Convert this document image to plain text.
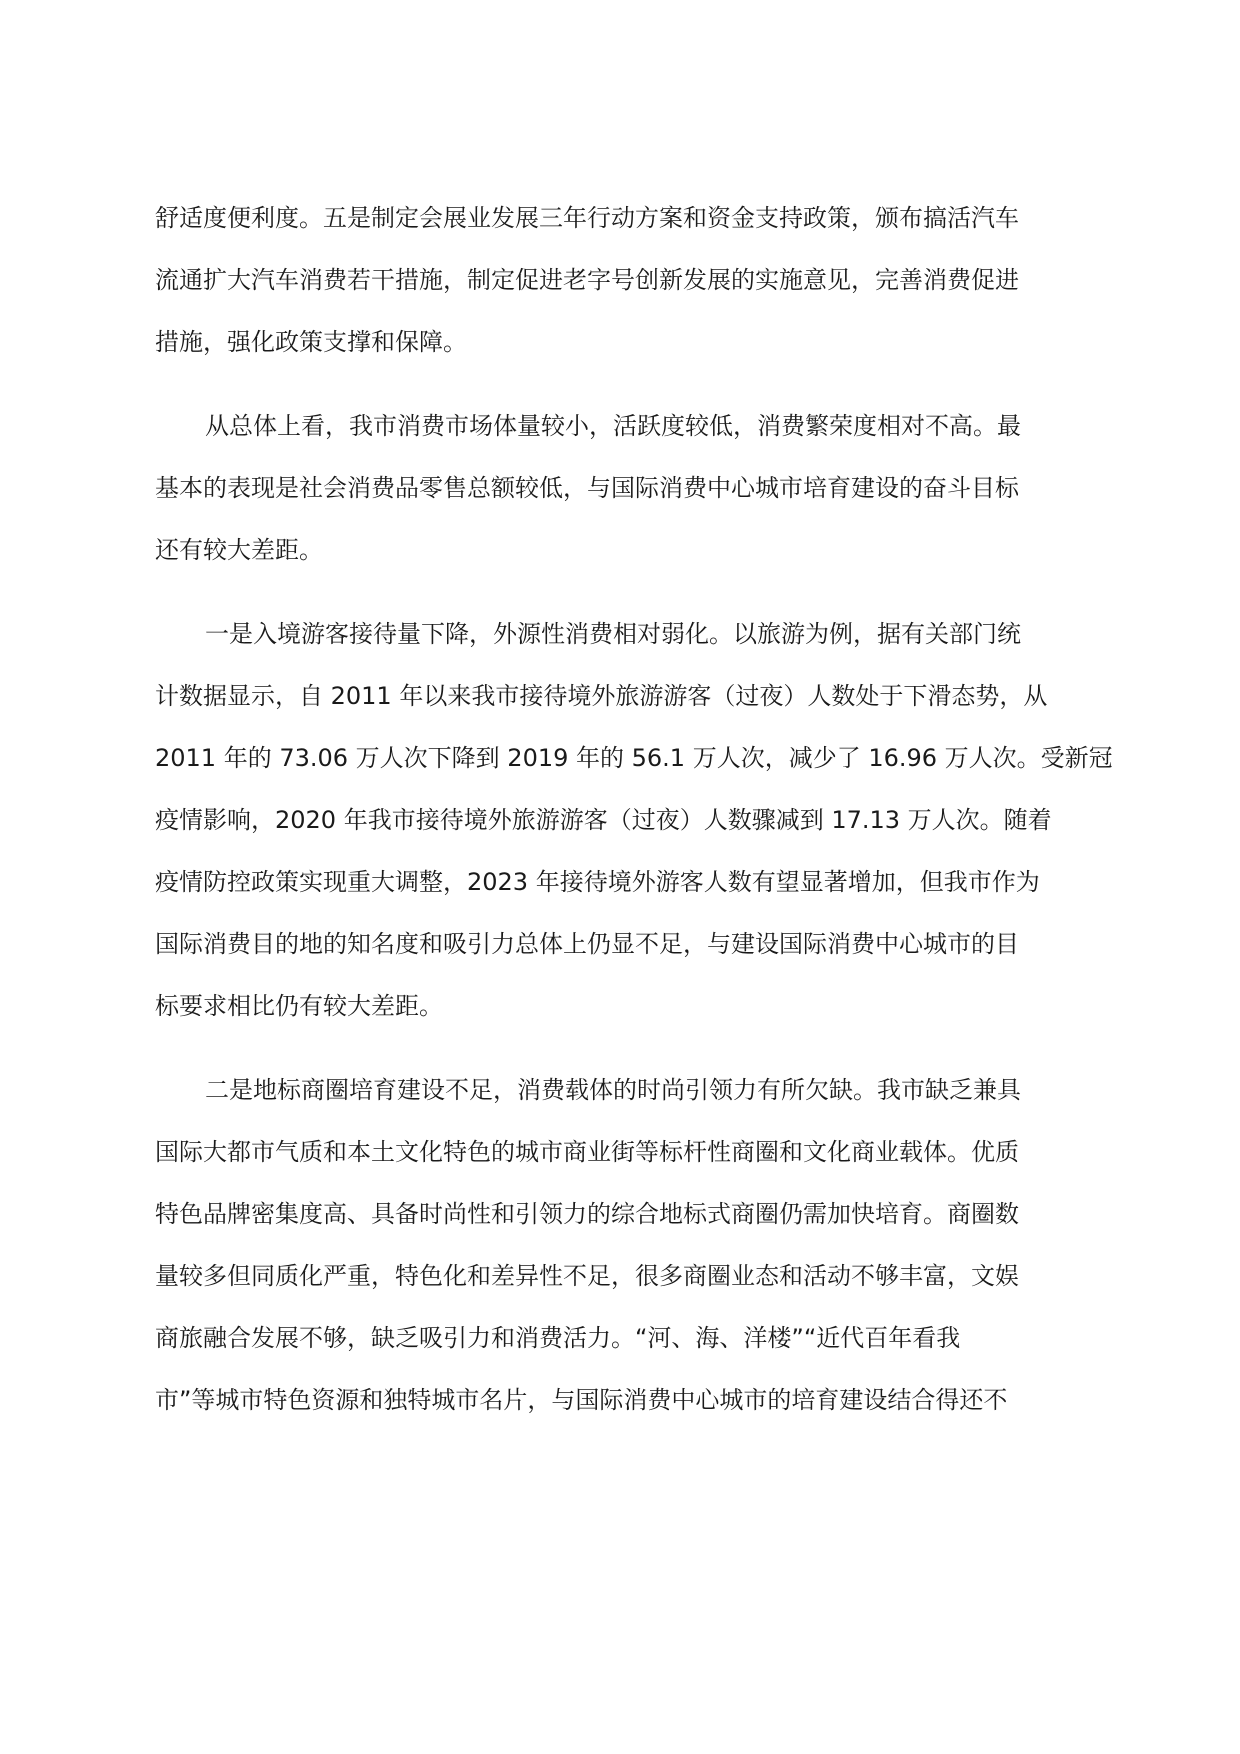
舒适度便利度。五是制定会展业发展三年行动方案和资金支持政策，颁布搞活汽车
流通扩大汽车消费若干措施，制定促进老字号创新发展的实施意见，完善消费促进
措施，强化政策支撑和保障。
从总体上看，我市消费市场体量较小，活跃度较低，消费繁荣度相对不高。最
基本的表现是社会消费品零售总额较低，与国际消费中心城市培育建设的奋斗目标
还有较大差距。
一是入境游客接待量下降，外源性消费相对弱化。以旅游为例，据有关部门统
计数据显示，自 2011 年以来我市接待境外旅游游客（过夜）人数处于下滑态势，从
2011 年的 73.06 万人次下降到 2019 年的 56.1 万人次，减少了 16.96 万人次。受新冠
疫情影响，2020 年我市接待境外旅游游客（过夜）人数骤减到 17.13 万人次。随着
疫情防控政策实现重大调整，2023 年接待境外游客人数有望显著增加，但我市作为
国际消费目的地的知名度和吸引力总体上仍显不足，与建设国际消费中心城市的目
标要求相比仍有较大差距。
二是地标商圈培育建设不足，消费载体的时尚引领力有所欠缺。我市缺乏兼具
国际大都市气质和本土文化特色的城市商业街等标杆性商圈和文化商业载体。优质
特色品牌密集度高、具备时尚性和引领力的综合地标式商圈仍需加快培育。商圈数
量较多但同质化严重，特色化和差异性不足，很多商圈业态和活动不够丰富，文娱
商旅融合发展不够，缺乏吸引力和消费活力。“河、海、洋楼”“近代百年看我
市”等城市特色资源和独特城市名片，与国际消费中心城市的培育建设结合得还不
